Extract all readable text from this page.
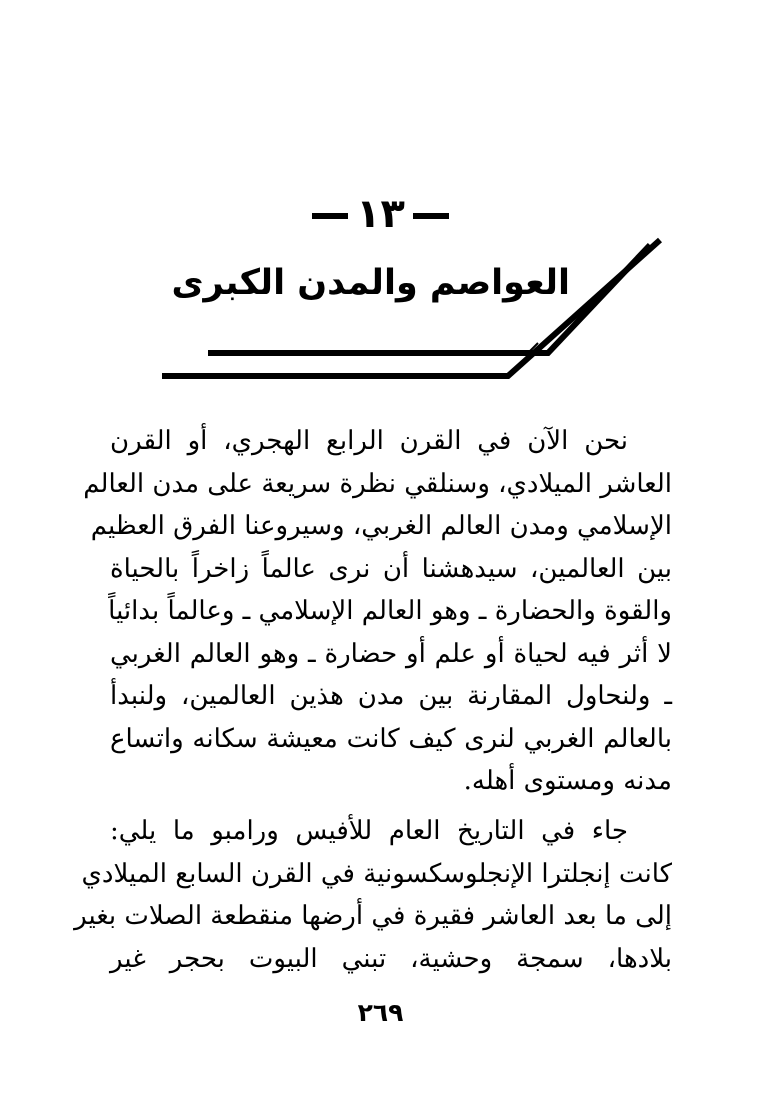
١٣
العواصم والمدن الكبرى
نحن الآن في القرن الرابع الهجري، أو القرن
العاشر الميلادي، وسنلقي نظرة سريعة على مدن العالم
الإسلامي ومدن العالم الغربي، وسيروعنا الفرق العظيم
بين العالمين، سيدهشنا أن نرى عالماً زاخراً بالحياة
والقوة والحضارة ـ وهو العالم الإسلامي ـ وعالماً بدائياً
لا أثر فيه لحياة أو علم أو حضارة ـ وهو العالم الغربي
ـ ولنحاول المقارنة بين مدن هذين العالمين، ولنبدأ
بالعالم الغربي لنرى كيف كانت معيشة سكانه واتساع
مدنه ومستوى أهله.
جاء في التاريخ العام للأفيس ورامبو ما يلي:
كانت إنجلترا الإنجلوسكسونية في القرن السابع الميلادي
إلى ما بعد العاشر فقيرة في أرضها منقطعة الصلات بغير
بلادها، سمجة وحشية، تبني البيوت بحجر غير
٢٦٩
